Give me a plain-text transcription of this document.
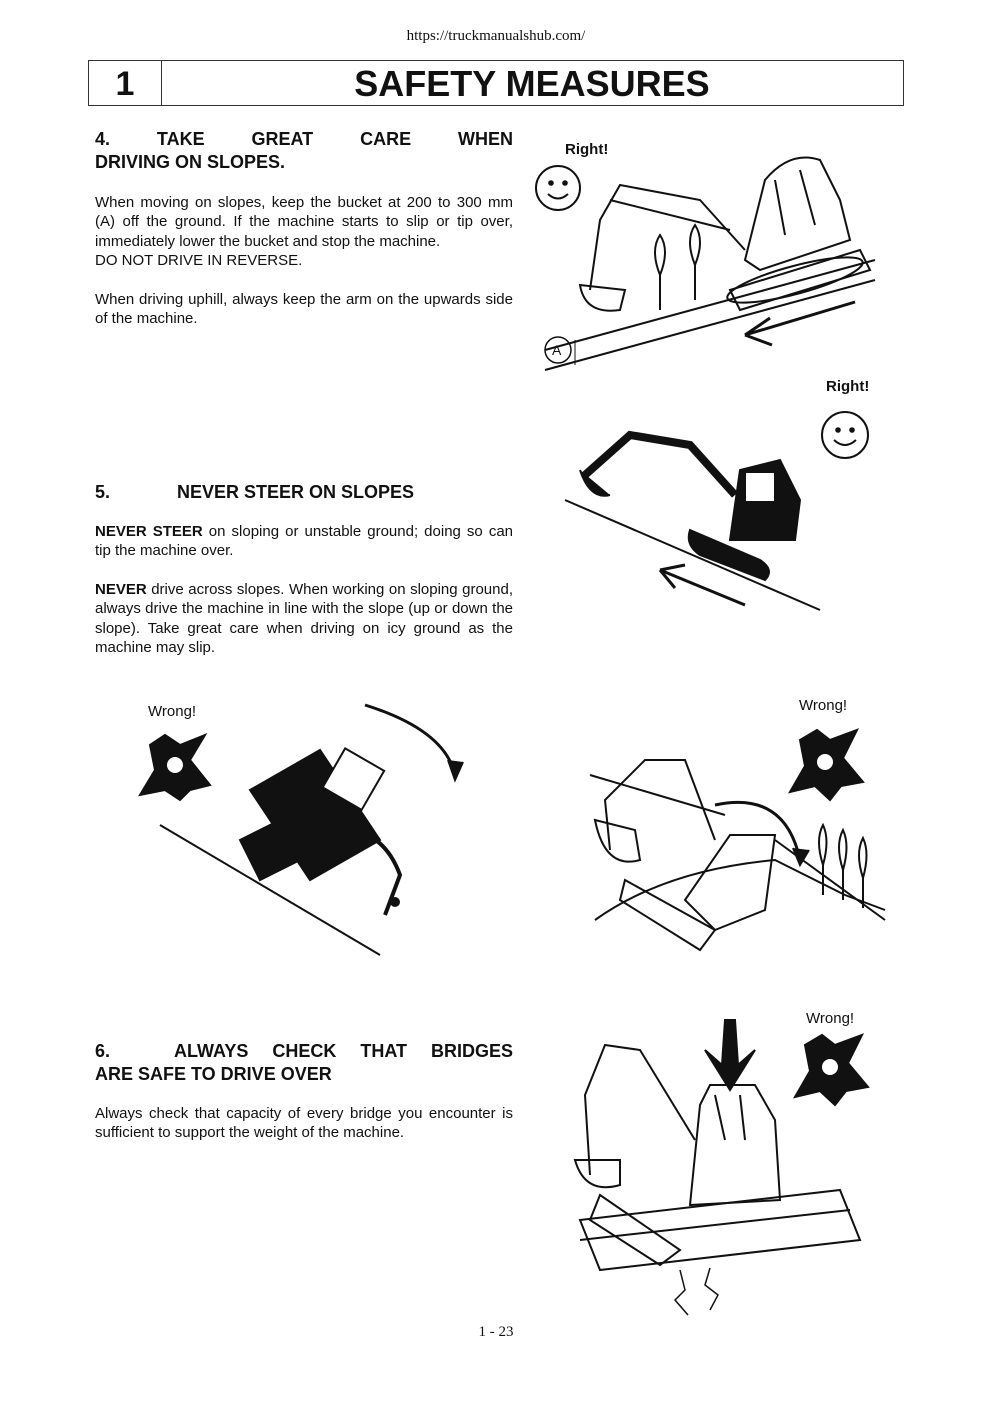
https://truckmanualshub.com/
1	SAFETY MEASURES
4.	TAKE	GREAT	CARE	WHEN
DRIVING ON SLOPES.

When moving on slopes, keep the bucket at 200 to 300 mm (A) off the ground. If the machine starts to slip or tip over, immediately lower the bucket and stop the machine.

DO NOT DRIVE IN REVERSE.

When driving uphill, always keep the arm on the upwards side of the machine.

5.	NEVER STEER ON SLOPES

NEVER STEER on sloping or unstable ground; doing so can tip the machine over.

NEVER drive across slopes. When working on sloping ground, always drive the machine in line with the slope (up or down the slope). Take great care when driving on icy ground as the machine may slip.

6.	ALWAYS CHECK THAT BRIDGES
ARE SAFE TO DRIVE OVER

Always check that capacity of every bridge you encounter is sufficient to support the weight of the machine.

Right!
A
Right!
Wrong!	Wrong!
Wrong!
1 - 23
